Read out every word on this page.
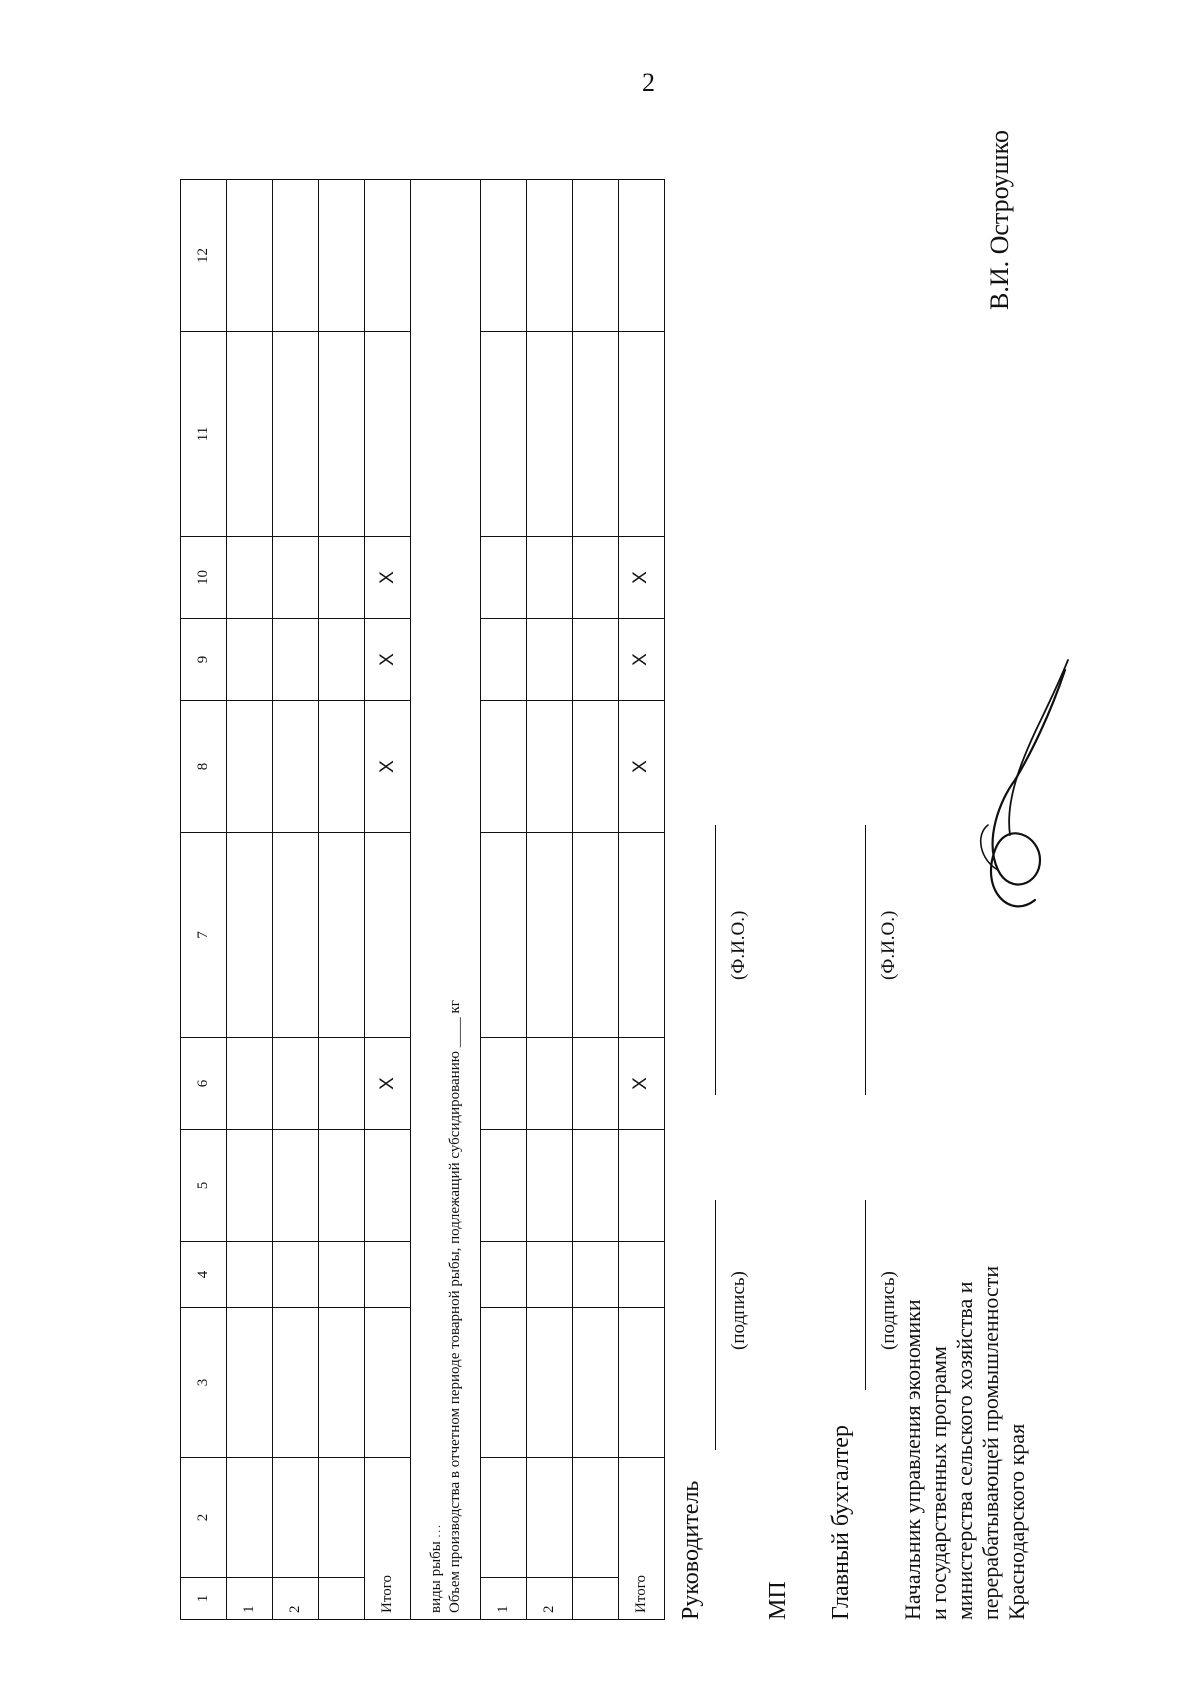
2
1	2	3	4	5	6	7	8	9	10	11	12
1											
2											

Итого					X		X	X	X		

виды рыбы ... Объем производства в отчетном периоде товарной рыбы, подлежащий субсидированию ____ кг											

1											
2											

Итого					X		X	X	X		
Руководитель
(подпись)
(Ф.И.О.)
МП Главный бухгалтер
(подпись)
(Ф.И.О.)
Начальник управления экономики и государственных программ министерства сельского хозяйства и перерабатывающей промышленности Краснодарского края
В.И. Остроушко
